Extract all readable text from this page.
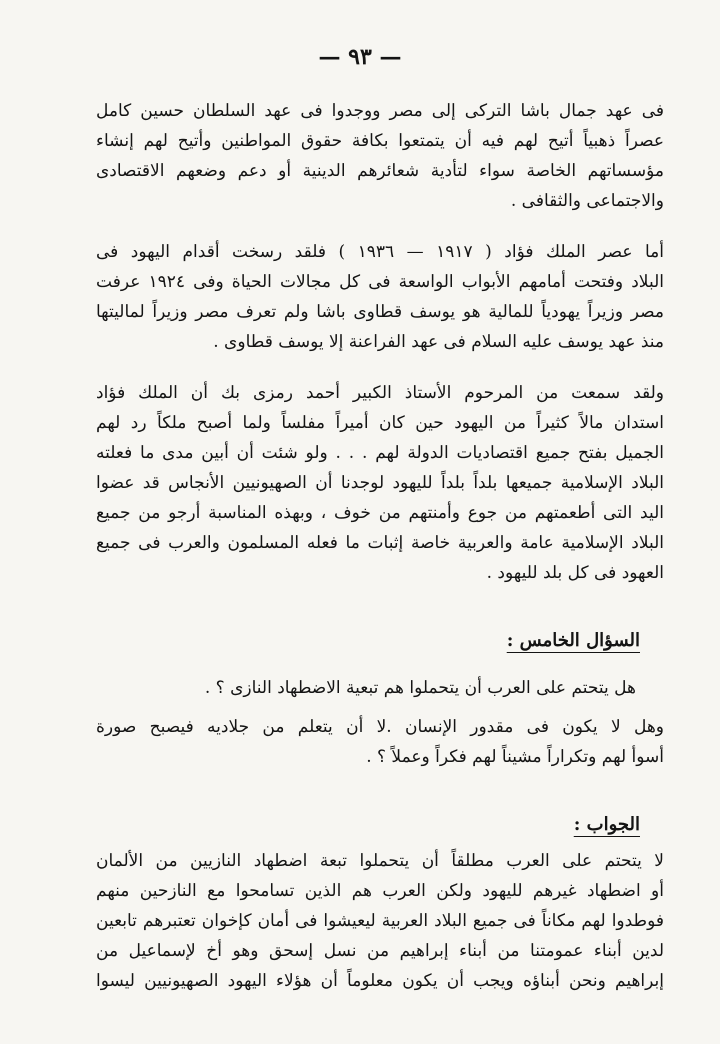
— ٩٣ —
فى عهد جمال باشا التركى إلى مصر ووجدوا فى عهد السلطان حسين كامل
عصراً ذهبياً أتيح لهم فيه أن يتمتعوا بكافة حقوق المواطنين وأتيح لهم إنشاء
مؤسساتهم الخاصة سواء لتأدية شعائرهم الدينية أو دعم وضعهم الاقتصادى
والاجتماعى والثقافى .
أما عصر الملك فؤاد ( ١٩١٧ — ١٩٣٦ ) فلقد رسخت أقدام اليهود فى
البلاد وفتحت أمامهم الأبواب الواسعة فى كل مجالات الحياة وفى ١٩٢٤ عرفت
مصر وزيراً يهودياً للمالية هو يوسف قطاوى باشا ولم تعرف مصر وزيراً لماليتها
منذ عهد يوسف عليه السلام فى عهد الفراعنة إلا يوسف قطاوى .
ولقد سمعت من المرحوم الأستاذ الكبير أحمد رمزى بك أن الملك فؤاد
استدان مالاً كثيراً من اليهود حين كان أميراً مفلساً ولما أصبح ملكاً رد لهم
الجميل بفتح جميع اقتصاديات الدولة لهم . . . ولو شئت أن أبين مدى ما فعلته
البلاد الإسلامية جميعها بلداً بلداً لليهود لوجدنا أن الصهيونيين الأنجاس قد عضوا
اليد التى أطعمتهم من جوع وأمنتهم من خوف ، وبهذه المناسبة أرجو من جميع
البلاد الإسلامية عامة والعربية خاصة إثبات ما فعله المسلمون والعرب فى جميع
العهود فى كل بلد لليهود .
السؤال الخامس :
هل يتحتم على العرب أن يتحملوا هم تبعية الاضطهاد النازى ؟ .
وهل لا يكون فى مقدور الإنسان .لا أن يتعلم من جلاديه فيصبح صورة
أسوأ لهم وتكراراً مشيناً لهم فكراً وعملاً ؟ .
الجواب :
لا يتحتم على العرب مطلقاً أن يتحملوا تبعة اضطهاد النازيين من الألمان
أو اضطهاد غيرهم لليهود ولكن العرب هم الذين تسامحوا مع النازحين منهم
فوطدوا لهم مكاناً فى جميع البلاد العربية ليعيشوا فى أمان كإخوان تعتبرهم تابعين
لدين أبناء عمومتنا من أبناء إبراهيم من نسل إسحق وهو أخ لإسماعيل من
إبراهيم ونحن أبناؤه ويجب أن يكون معلوماً أن هؤلاء اليهود الصهيونيين ليسوا
